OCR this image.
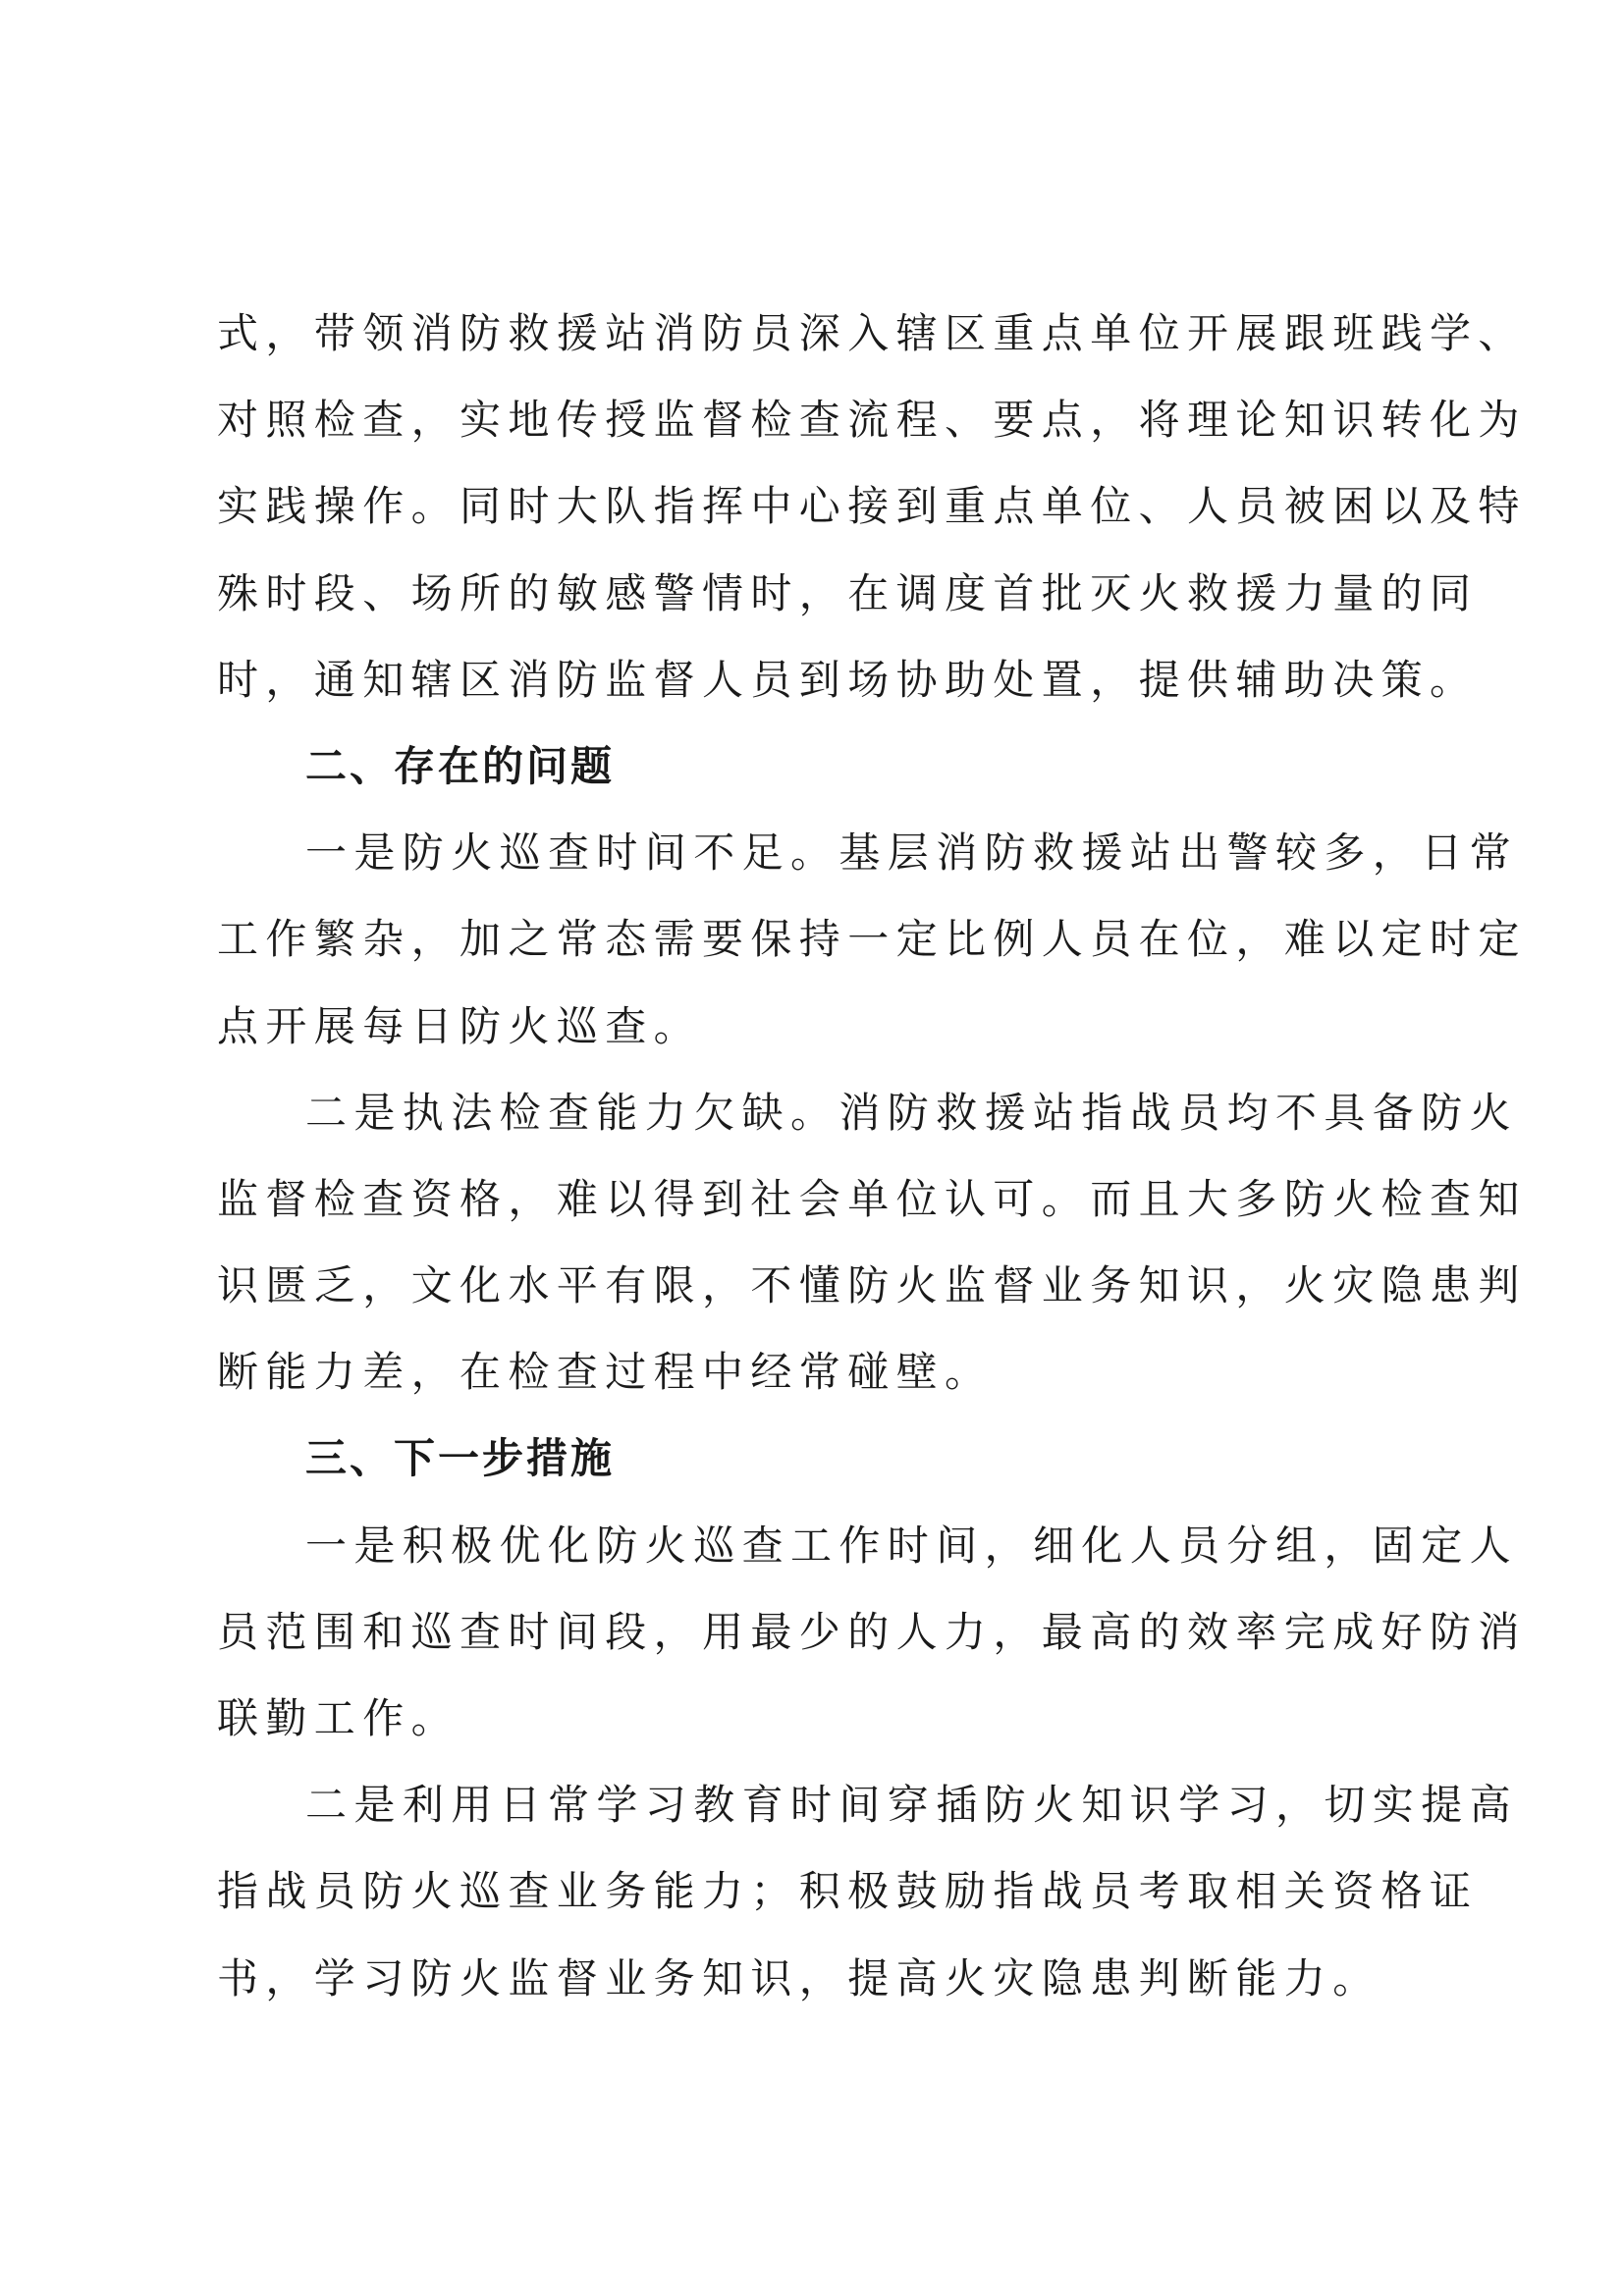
式，带领消防救援站消防员深入辖区重点单位开展跟班践学、
对照检查，实地传授监督检查流程、要点，将理论知识转化为
实践操作。同时大队指挥中心接到重点单位、人员被困以及特
殊时段、场所的敏感警情时，在调度首批灭火救援力量的同
时，通知辖区消防监督人员到场协助处置，提供辅助决策。
二、存在的问题
一是防火巡查时间不足。基层消防救援站出警较多，日常
工作繁杂，加之常态需要保持一定比例人员在位，难以定时定
点开展每日防火巡查。
二是执法检查能力欠缺。消防救援站指战员均不具备防火
监督检查资格，难以得到社会单位认可。而且大多防火检查知
识匮乏，文化水平有限，不懂防火监督业务知识，火灾隐患判
断能力差，在检查过程中经常碰壁。
三、下一步措施
一是积极优化防火巡查工作时间，细化人员分组，固定人
员范围和巡查时间段，用最少的人力，最高的效率完成好防消
联勤工作。
二是利用日常学习教育时间穿插防火知识学习，切实提高
指战员防火巡查业务能力；积极鼓励指战员考取相关资格证
书，学习防火监督业务知识，提高火灾隐患判断能力。
